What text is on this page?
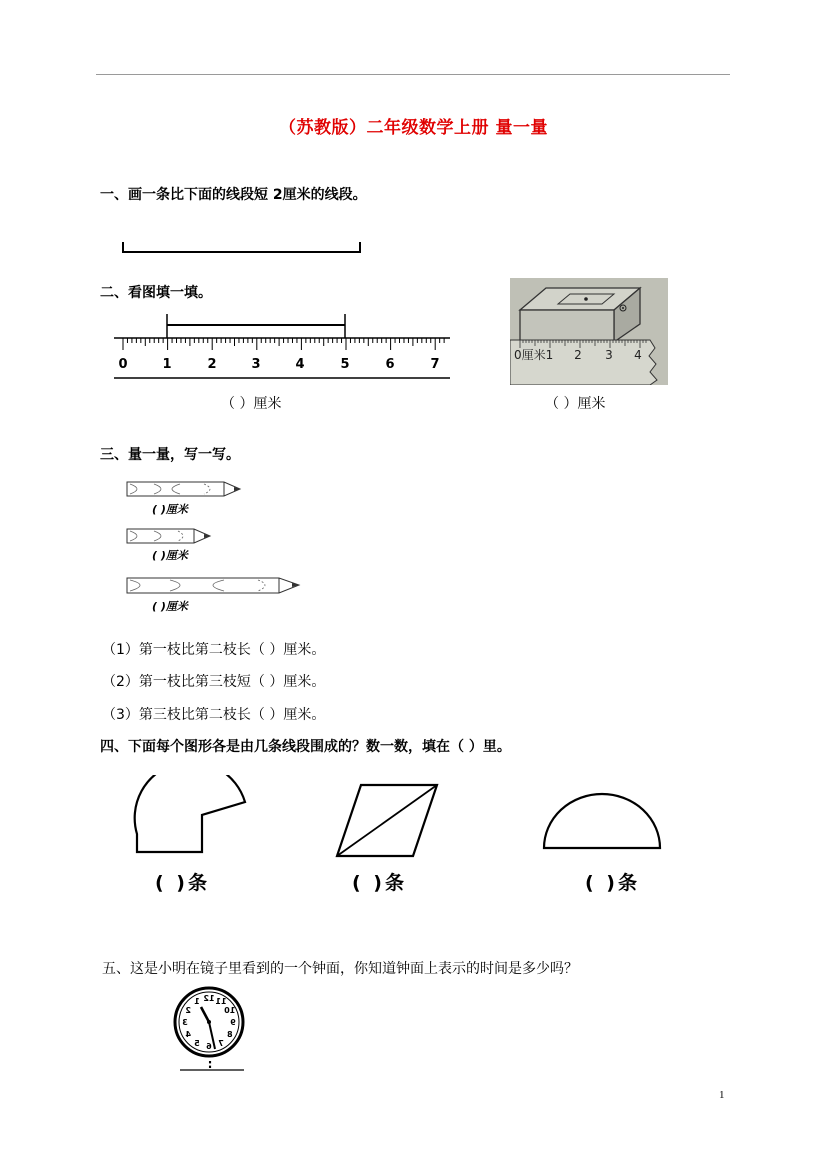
（苏教版）二年级数学上册 量一量
一、画一条比下面的线段短 2厘米的线段。
二、看图填一填。
0	1	2	3	4	5	6	7
0厘米1 2 3 4
（ ）厘米	（ ）厘米
三、量一量，写一写。
( )厘米
( )厘米
( )厘米
（1）第一枝比第二枝长（ ）厘米。
（2）第一枝比第三枝短（ ）厘米。
（3）第三枝比第二枝长（ ）厘米。
四、下面每个图形各是由几条线段围成的？数一数，填在（ ）里。
( )条	( )条	( )条
五、这是小明在镜子里看到的一个钟面，你知道钟面上表示的时间是多少吗？
12
1
2
3
4
5 6 7
8
9
10
11
:
1
